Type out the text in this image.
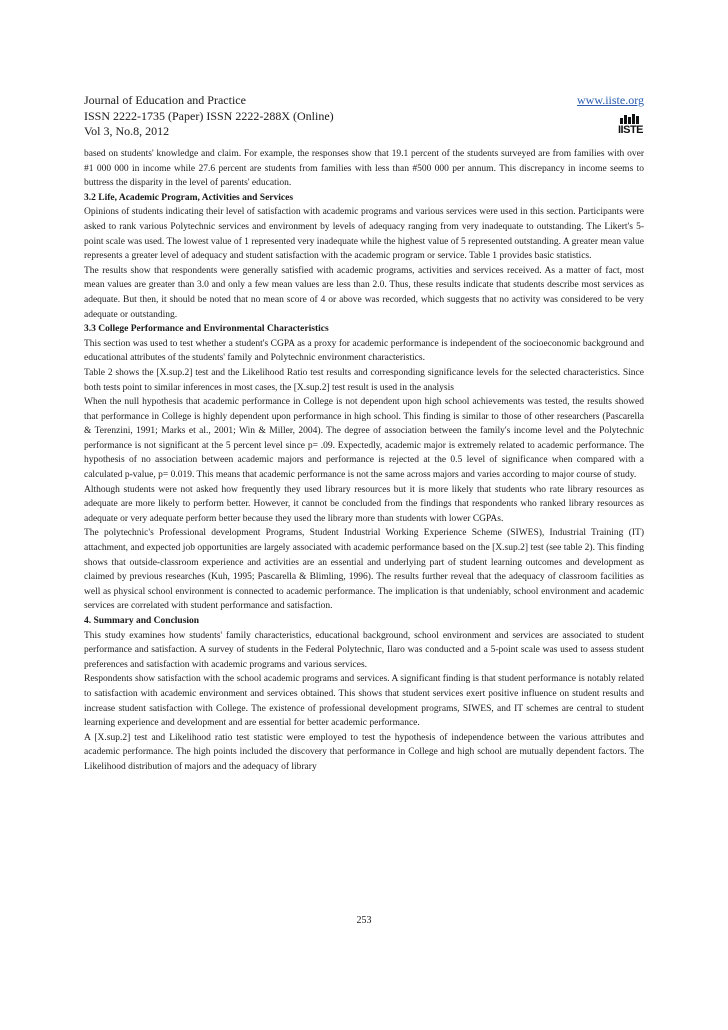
Journal of Education and Practice
ISSN 2222-1735 (Paper) ISSN 2222-288X (Online)
Vol 3, No.8, 2012
www.iiste.org
IISTE

based on students' knowledge and claim. For example, the responses show that 19.1 percent of the students surveyed are from families with over #1 000 000 in income while 27.6 percent are students from families with less than #500 000 per annum. This discrepancy in income seems to buttress the disparity in the level of parents' education.

3.2 Life, Academic Program, Activities and Services

Opinions of students indicating their level of satisfaction with academic programs and various services were used in this section. Participants were asked to rank various Polytechnic services and environment by levels of adequacy ranging from very inadequate to outstanding. The Likert's 5-point scale was used. The lowest value of 1 represented very inadequate while the highest value of 5 represented outstanding. A greater mean value represents a greater level of adequacy and student satisfaction with the academic program or service. Table 1 provides basic statistics.

The results show that respondents were generally satisfied with academic programs, activities and services received. As a matter of fact, most mean values are greater than 3.0 and only a few mean values are less than 2.0. Thus, these results indicate that students describe most services as adequate. But then, it should be noted that no mean score of 4 or above was recorded, which suggests that no activity was considered to be very adequate or outstanding.

3.3 College Performance and Environmental Characteristics

This section was used to test whether a student's CGPA as a proxy for academic performance is independent of the socioeconomic background and educational attributes of the students' family and Polytechnic environment characteristics.

Table 2 shows the [X.sup.2] test and the Likelihood Ratio test results and corresponding significance levels for the selected characteristics. Since both tests point to similar inferences in most cases, the [X.sup.2] test result is used in the analysis

When the null hypothesis that academic performance in College is not dependent upon high school achievements was tested, the results showed that performance in College is highly dependent upon performance in high school. This finding is similar to those of other researchers (Pascarella & Terenzini, 1991; Marks et al., 2001; Win & Miller, 2004). The degree of association between the family's income level and the Polytechnic performance is not significant at the 5 percent level since p= .09. Expectedly, academic major is extremely related to academic performance. The hypothesis of no association between academic majors and performance is rejected at the 0.5 level of significance when compared with a calculated p-value, p= 0.019. This means that academic performance is not the same across majors and varies according to major course of study.

Although students were not asked how frequently they used library resources but it is more likely that students who rate library resources as adequate are more likely to perform better. However, it cannot be concluded from the findings that respondents who ranked library resources as adequate or very adequate perform better because they used the library more than students with lower CGPAs.

The polytechnic's Professional development Programs, Student Industrial Working Experience Scheme (SIWES), Industrial Training (IT) attachment, and expected job opportunities are largely associated with academic performance based on the [X.sup.2] test (see table 2). This finding shows that outside-classroom experience and activities are an essential and underlying part of student learning outcomes and development as claimed by previous researches (Kuh, 1995; Pascarella & Blimling, 1996). The results further reveal that the adequacy of classroom facilities as well as physical school environment is connected to academic performance. The implication is that undeniably, school environment and academic services are correlated with student performance and satisfaction.

4. Summary and Conclusion

This study examines how students' family characteristics, educational background, school environment and services are associated to student performance and satisfaction. A survey of students in the Federal Polytechnic, Ilaro was conducted and a 5-point scale was used to assess student preferences and satisfaction with academic programs and various services.

Respondents show satisfaction with the school academic programs and services. A significant finding is that student performance is notably related to satisfaction with academic environment and services obtained. This shows that student services exert positive influence on student results and increase student satisfaction with College. The existence of professional development programs, SIWES, and IT schemes are central to student learning experience and development and are essential for better academic performance.

A [X.sup.2] test and Likelihood ratio test statistic were employed to test the hypothesis of independence between the various attributes and academic performance. The high points included the discovery that performance in College and high school are mutually dependent factors. The Likelihood distribution of majors and the adequacy of library

253
